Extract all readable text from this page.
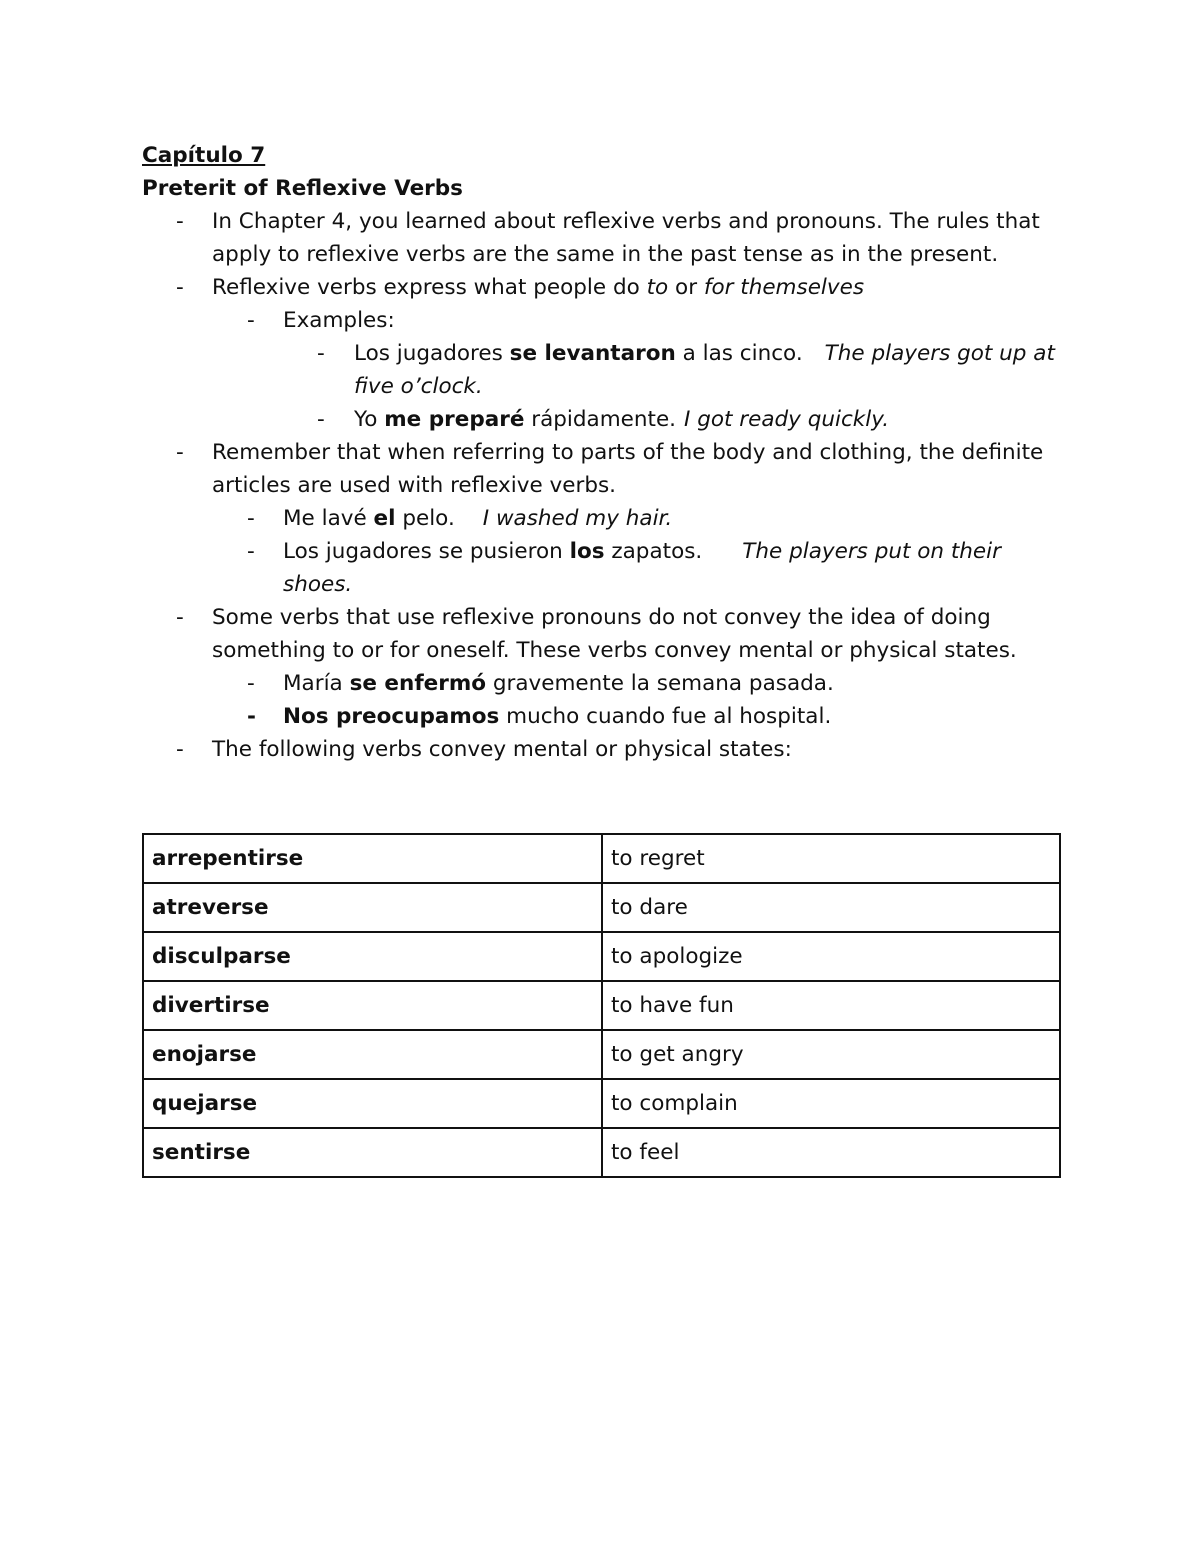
Capítulo 7
Preterit of Reflexive Verbs
- In Chapter 4, you learned about reflexive verbs and pronouns. The rules that apply to reflexive verbs are the same in the past tense as in the present.
- Reflexive verbs express what people do to or for themselves
- Examples:
- Los jugadores se levantaron a las cinco. The players got up at five o’clock.
- Yo me preparé rápidamente. I got ready quickly.
- Remember that when referring to parts of the body and clothing, the definite articles are used with reflexive verbs.
- Me lavé el pelo. I washed my hair.
- Los jugadores se pusieron los zapatos. The players put on their shoes.
- Some verbs that use reflexive pronouns do not convey the idea of doing something to or for oneself. These verbs convey mental or physical states.
- María se enfermó gravemente la semana pasada.
- Nos preocupamos mucho cuando fue al hospital.
- The following verbs convey mental or physical states:
arrepentirse	to regret
atreverse	to dare
disculparse	to apologize
divertirse	to have fun
enojarse	to get angry
quejarse	to complain
sentirse	to feel
